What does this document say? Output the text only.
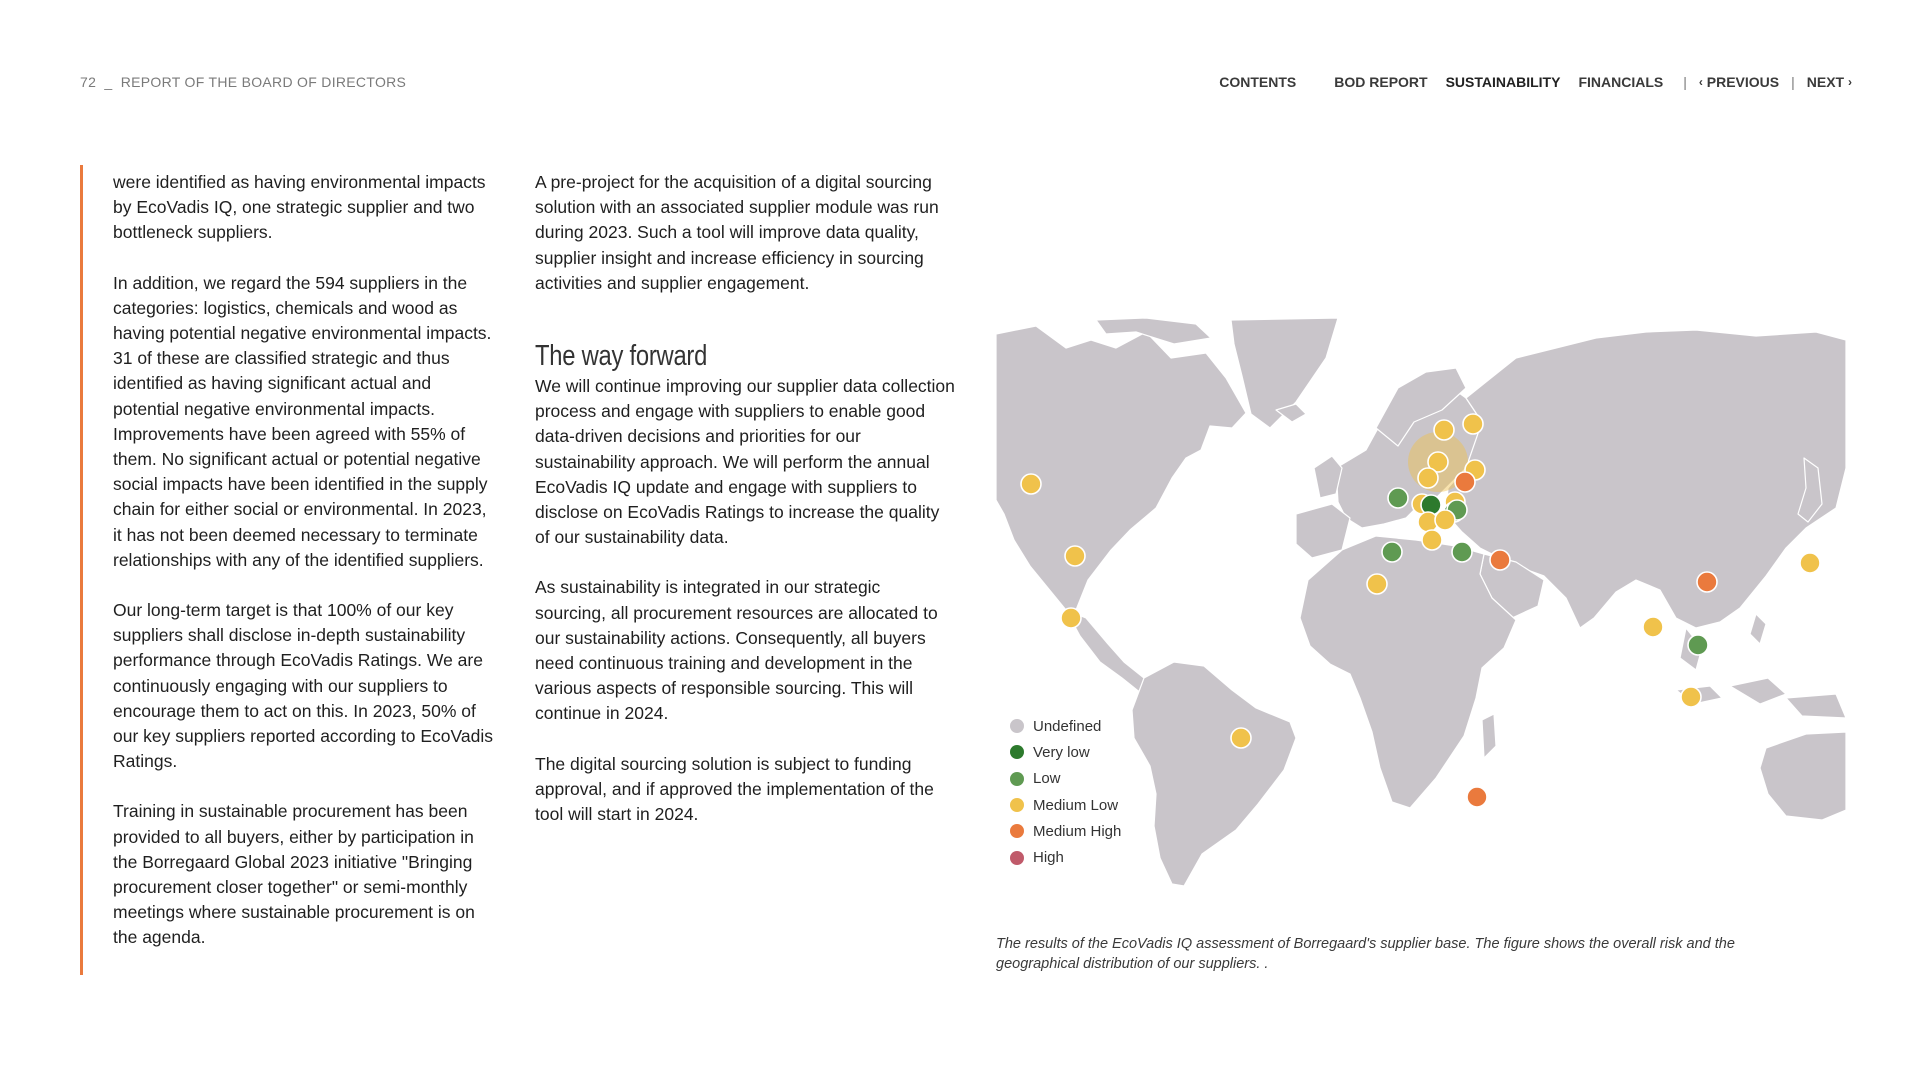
72 _ REPORT OF THE BOARD OF DIRECTORS	CONTENTS	BOD REPORT SUSTAINABILITY FINANCIALS | ‹ PREVIOUS | NEXT ›

were identified as having environmental impacts by EcoVadis IQ, one strategic supplier and two bottleneck suppliers.

In addition, we regard the 594 suppliers in the categories: logistics, chemicals and wood as having potential negative environmental impacts. 31 of these are classified strategic and thus identified as having significant actual and potential negative environmental impacts. Improvements have been agreed with 55% of them. No significant actual or potential negative social impacts have been identified in the supply chain for either social or environmental. In 2023, it has not been deemed necessary to terminate relationships with any of the identified suppliers.

Our long-term target is that 100% of our key suppliers shall disclose in-depth sustainability performance through EcoVadis Ratings. We are continuously engaging with our suppliers to encourage them to act on this. In 2023, 50% of our key suppliers reported according to EcoVadis Ratings.

Training in sustainable procurement has been provided to all buyers, either by participation in the Borregaard Global 2023 initiative "Bringing procurement closer together" or semi-monthly meetings where sustainable procurement is on the agenda.

A pre-project for the acquisition of a digital sourcing solution with an associated supplier module was run during 2023. Such a tool will improve data quality, supplier insight and increase efficiency in sourcing activities and supplier engagement.

The way forward

We will continue improving our supplier data collection process and engage with suppliers to enable good data-driven decisions and priorities for our sustainability approach. We will perform the annual EcoVadis IQ update and engage with suppliers to disclose on EcoVadis Ratings to increase the quality of our sustainability data.

As sustainability is integrated in our strategic sourcing, all procurement resources are allocated to our sustainability actions. Consequently, all buyers need continuous training and development in the various aspects of responsible sourcing. This will continue in 2024.

The digital sourcing solution is subject to funding approval, and if approved the implementation of the tool will start in 2024.

Undefined
Very low
Low
Medium Low
Medium High
High
The results of the EcoVadis IQ assessment of Borregaard's supplier base. The figure shows the overall risk and the geographical distribution of our suppliers. .
